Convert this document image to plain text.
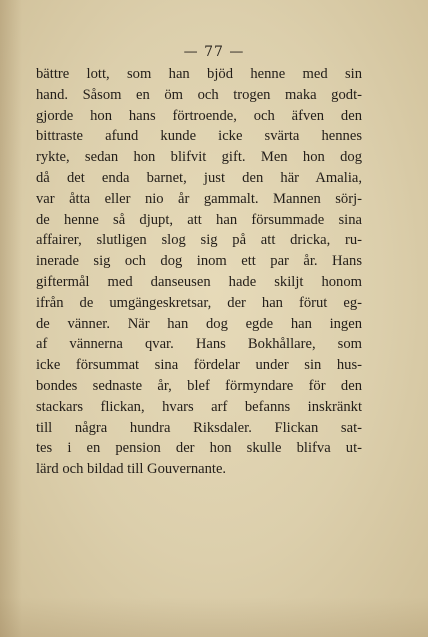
— 77 —
bättre lott, som han bjöd henne med sin
hand. Såsom en öm och trogen maka godt-
gjorde hon hans förtroende, och äfven den
bittraste afund kunde icke svärta hennes
rykte, sedan hon blifvit gift. Men hon dog
då det enda barnet, just den här Amalia,
var åtta eller nio år gammalt. Mannen sörj-
de henne så djupt, att han försummade sina
affairer, slutligen slog sig på att dricka, ru-
inerade sig och dog inom ett par år. Hans
giftermål med danseusen hade skiljt honom
ifrån de umgängeskretsar, der han förut eg-
de vänner. När han dog egde han ingen
af vännerna qvar. Hans Bokhållare, som
icke försummat sina fördelar under sin hus-
bondes sednaste år, blef förmyndare för den
stackars flickan, hvars arf befanns inskränkt
till några hundra Riksdaler. Flickan sat-
tes i en pension der hon skulle blifva ut-
lärd och bildad till Gouvernante.
